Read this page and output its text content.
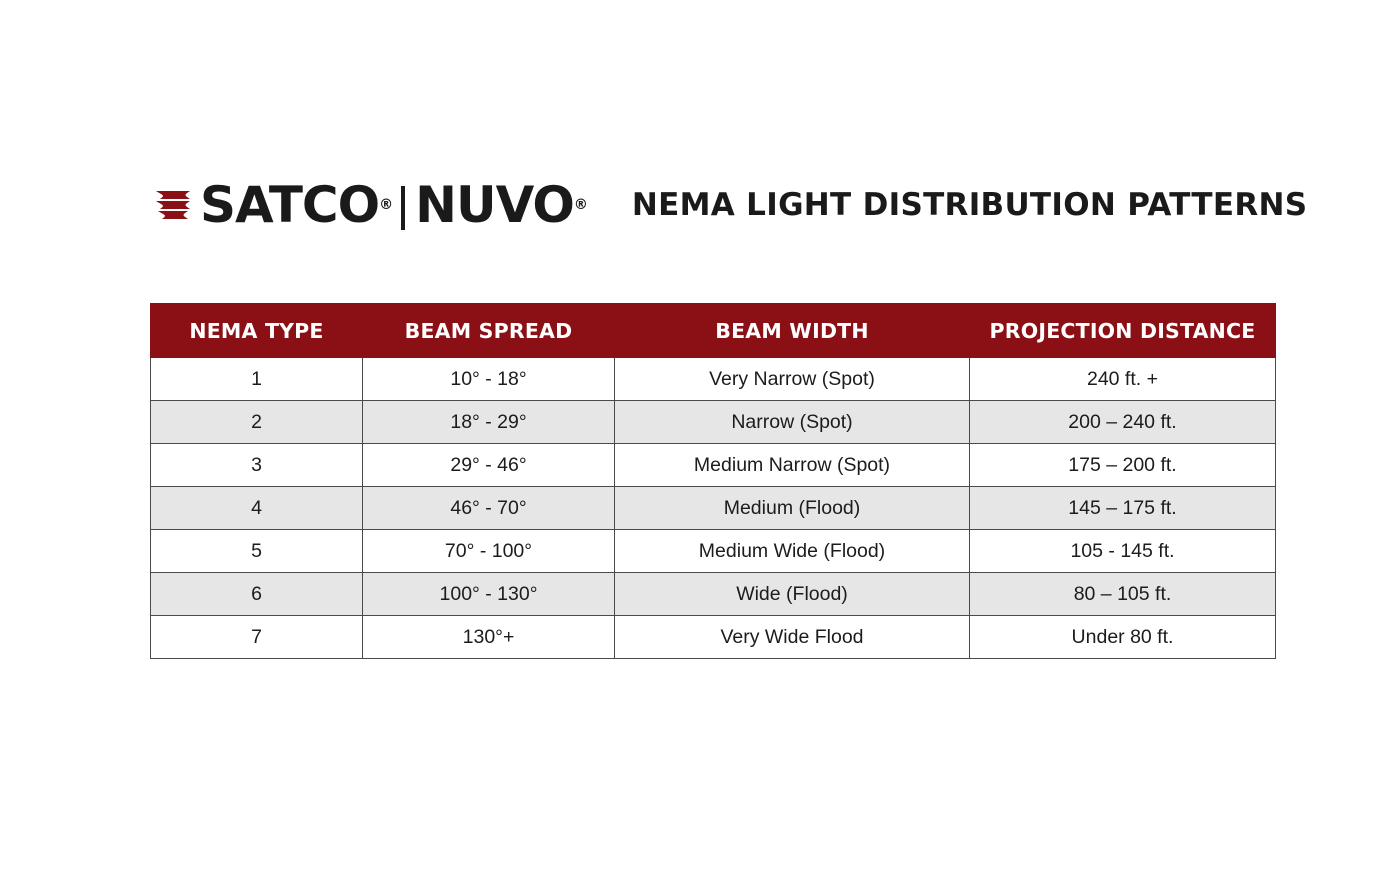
SATCO ® NUVO ® NEMA LIGHT DISTRIBUTION PATTERNS
NEMA TYPE	BEAM SPREAD	BEAM WIDTH	PROJECTION DISTANCE
1	10° - 18°	Very Narrow (Spot)	240 ft. +
2	18° - 29°	Narrow (Spot)	200 – 240 ft.
3	29° - 46°	Medium Narrow (Spot)	175 – 200 ft.
4	46° - 70°	Medium (Flood)	145 – 175 ft.
5	70° - 100°	Medium Wide (Flood)	105 - 145 ft.
6	100° - 130°	Wide (Flood)	80 – 105 ft.
7	130°+	Very Wide Flood	Under 80 ft.
